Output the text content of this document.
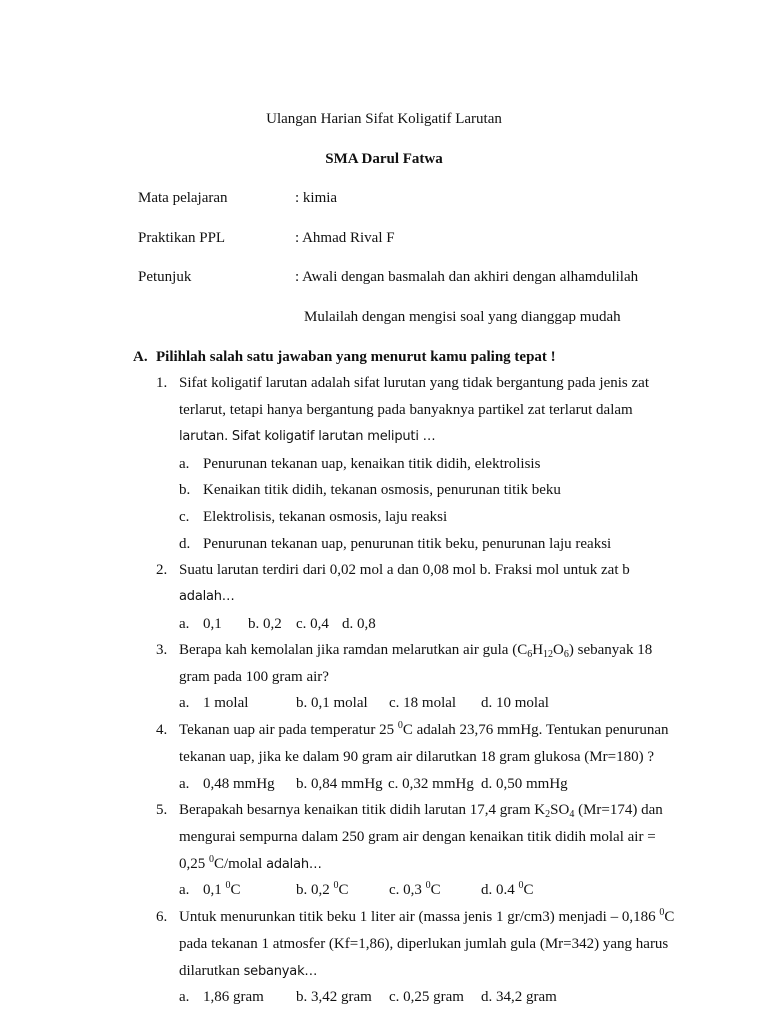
Ulangan Harian Sifat Koligatif Larutan
SMA Darul Fatwa
Mata pelajaran	: kimia
Praktikan PPL	: Ahmad Rival F
Petunjuk	: Awali dengan basmalah dan akhiri dengan alhamdulilah
Mulailah dengan mengisi soal yang dianggap mudah
A. Pilihlah salah satu jawaban yang menurut kamu paling tepat !
1. Sifat koligatif larutan adalah sifat lurutan yang tidak bergantung pada jenis zat
terlarut, tetapi hanya bergantung pada banyaknya partikel zat terlarut dalam
larutan. Sifat koligatif larutan meliputi …
a. Penurunan tekanan uap, kenaikan titik didih, elektrolisis
b. Kenaikan titik didih, tekanan osmosis, penurunan titik beku
c. Elektrolisis, tekanan osmosis, laju reaksi
d. Penurunan tekanan uap, penurunan titik beku, penurunan laju reaksi
2. Suatu larutan terdiri dari 0,02 mol a dan 0,08 mol b. Fraksi mol untuk zat b
adalah…
a. 0,1 b. 0,2 c. 0,4 d. 0,8
3. Berapa kah kemolalan jika ramdan melarutkan air gula $(C_6H_{12}O_6)$ sebanyak 18
gram pada 100 gram air?
a. 1 molal	b. 0,1 molal c. 18 molal d. 10 molal
4. Tekanan uap air pada temperatur 25 $^0$C adalah 23,76 mmHg. Tentukan penurunan
tekanan uap, jika ke dalam 90 gram air dilarutkan 18 gram glukosa (Mr=180) ?
a. 0,48 mmHg b. 0,84 mmHg c. 0,32 mmHg d. 0,50 mmHg
5. Berapakah besarnya kenaikan titik didih larutan 17,4 gram $K_2SO_4$ (Mr=174) dan
mengurai sempurna dalam 250 gram air dengan kenaikan titik didih molal air =
0,25 $^0$C/molal adalah…
a. 0,1 $^0$C	b. 0,2 $^0$C	c. 0,3 $^0$C	d. 0.4 $^0$C
6. Untuk menurunkan titik beku 1 liter air (massa jenis 1 gr/cm3) menjadi – 0,186 $^0$C
pada tekanan 1 atmosfer (Kf=1,86), diperlukan jumlah gula (Mr=342) yang harus
dilarutkan sebanyak…
a. 1,86 gram b. 3,42 gram c. 0,25 gram d. 34,2 gram
